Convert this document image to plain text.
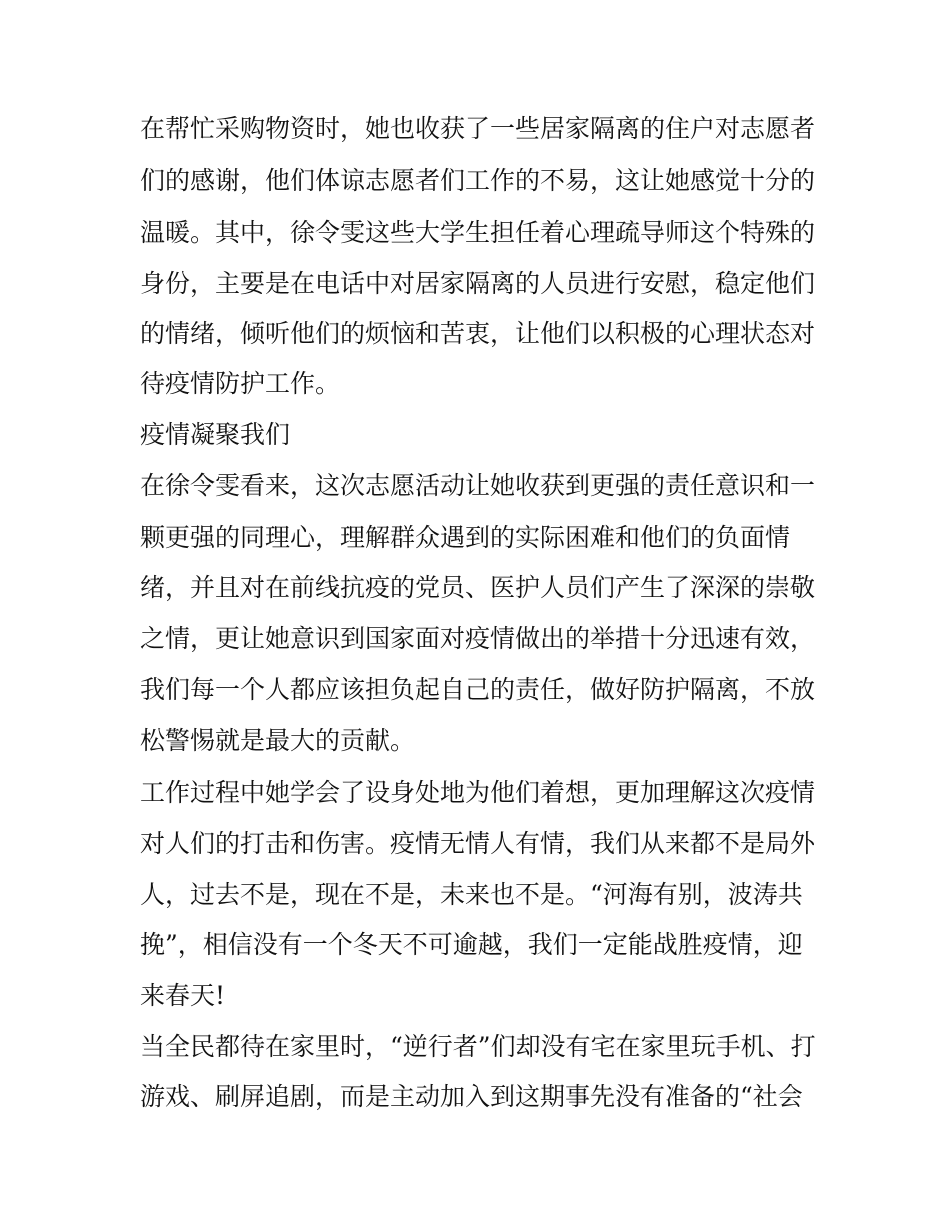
在帮忙采购物资时，她也收获了一些居家隔离的住户对志愿者
们的感谢，他们体谅志愿者们工作的不易，这让她感觉十分的
温暖。其中，徐令雯这些大学生担任着心理疏导师这个特殊的
身份，主要是在电话中对居家隔离的人员进行安慰，稳定他们
的情绪，倾听他们的烦恼和苦衷，让他们以积极的心理状态对
待疫情防护工作。
疫情凝聚我们
在徐令雯看来，这次志愿活动让她收获到更强的责任意识和一
颗更强的同理心，理解群众遇到的实际困难和他们的负面情
绪，并且对在前线抗疫的党员、医护人员们产生了深深的崇敬
之情，更让她意识到国家面对疫情做出的举措十分迅速有效，
我们每一个人都应该担负起自己的责任，做好防护隔离，不放
松警惕就是最大的贡献。
工作过程中她学会了设身处地为他们着想，更加理解这次疫情
对人们的打击和伤害。疫情无情人有情，我们从来都不是局外
人，过去不是，现在不是，未来也不是。“河海有别，波涛共
挽”，相信没有一个冬天不可逾越，我们一定能战胜疫情，迎
来春天!
当全民都待在家里时，“逆行者”们却没有宅在家里玩手机、打
游戏、刷屏追剧，而是主动加入到这期事先没有准备的“社会
